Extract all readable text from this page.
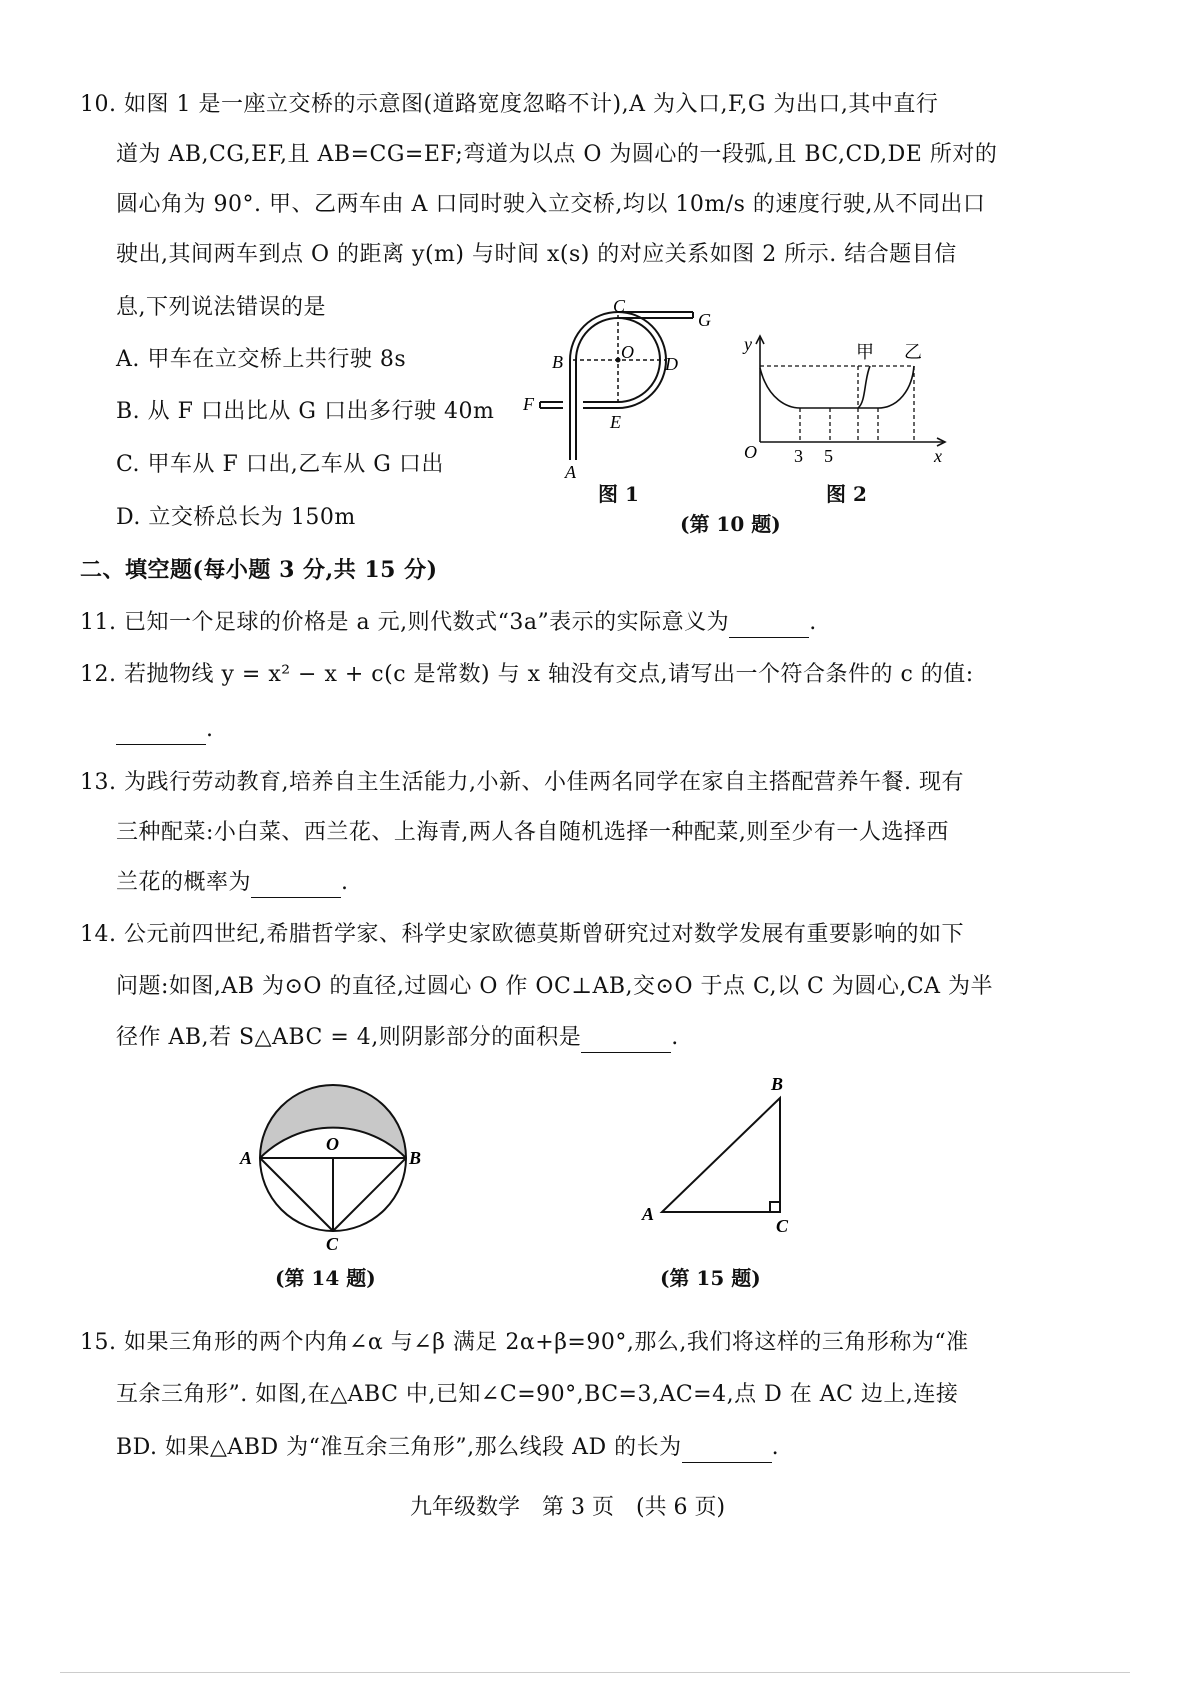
10. 如图 1 是一座立交桥的示意图(道路宽度忽略不计),A 为入口,F,G 为出口,其中直行
道为 AB,CG,EF,且 AB=CG=EF;弯道为以点 O 为圆心的一段弧,且 BC,CD,DE 所对的
圆心角为 90°. 甲、乙两车由 A 口同时驶入立交桥,均以 10m/s 的速度行驶,从不同出口
驶出,其间两车到点 O 的距离 y(m) 与时间 x(s) 的对应关系如图 2 所示. 结合题目信
息,下列说法错误的是
A. 甲车在立交桥上共行驶 8s
B. 从 F 口出比从 G 口出多行驶 40m
C. 甲车从 F 口出,乙车从 G 口出
D. 立交桥总长为 150m
C
G
B	O
D
F
E
A
图 1
y
x
O 3 5
甲 乙
图 2
(第 10 题)
二、填空题(每小题 3 分,共 15 分)
11. 已知一个足球的价格是 a 元,则代数式“3a”表示的实际意义为	.
12. 若抛物线 y = x² − x + c(c 是常数) 与 x 轴没有交点,请写出一个符合条件的 c 的值:
.
13. 为践行劳动教育,培养自主生活能力,小新、小佳两名同学在家自主搭配营养午餐. 现有
三种配菜:小白菜、西兰花、上海青,两人各自随机选择一种配菜,则至少有一人选择西
兰花的概率为	.
14. 公元前四世纪,希腊哲学家、科学史家欧德莫斯曾研究过对数学发展有重要影响的如下
问题:如图,AB 为⊙O 的直径,过圆心 O 作 OC⊥AB,交⊙O 于点 C,以 C 为圆心,CA 为半
径作 AB,若 S△ABC = 4,则阴影部分的面积是	.
A
O
B
C
(第 14 题)
B
A
C
(第 15 题)
15. 如果三角形的两个内角∠α 与∠β 满足 2α+β=90°,那么,我们将这样的三角形称为“准
互余三角形”. 如图,在△ABC 中,已知∠C=90°,BC=3,AC=4,点 D 在 AC 边上,连接
BD. 如果△ABD 为“准互余三角形”,那么线段 AD 的长为	.
九年级数学　第 3 页　(共 6 页)
